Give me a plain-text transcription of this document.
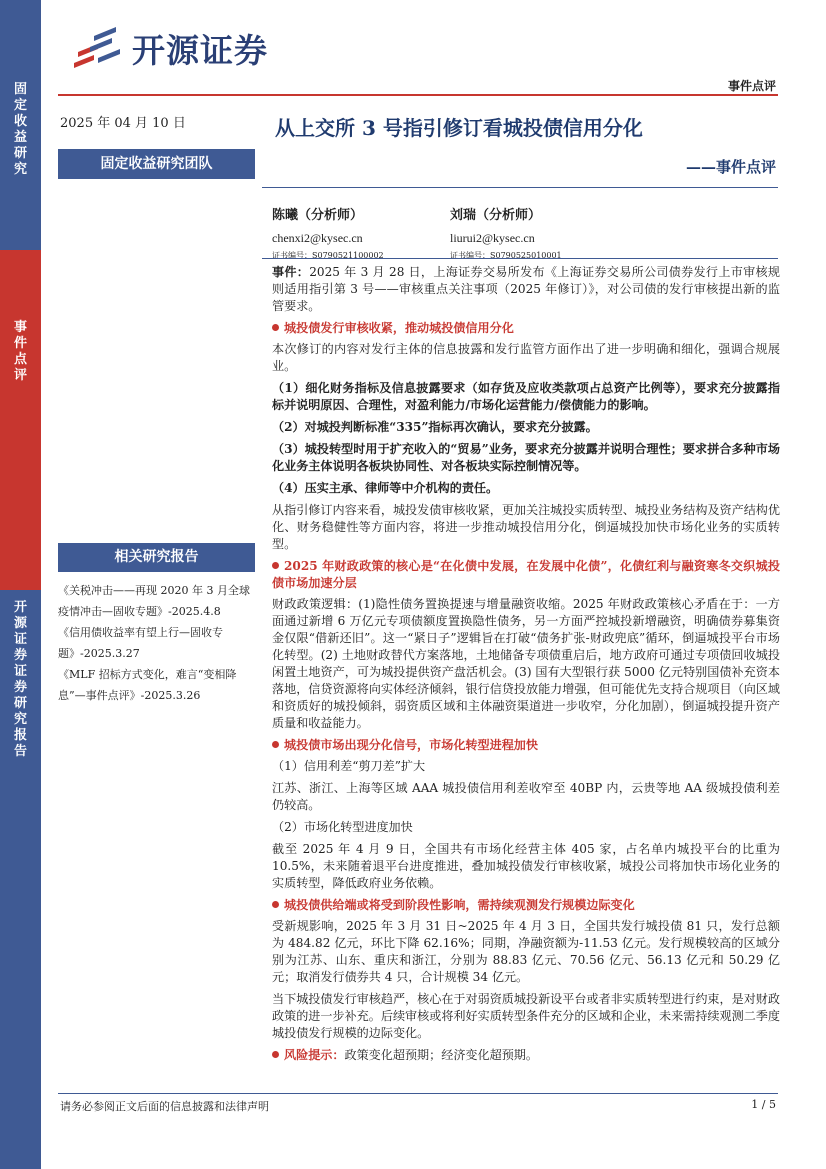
固定收益研究
事件点评
开源证券 证券研究报告
开源证券
事件点评
2025 年 04 月 10 日	从上交所 3 号指引修订看城投债信用分化
——事件点评
固定收益研究团队
陈曦（分析师）
chenxi2@kysec.cn
证书编号：S0790521100002
刘瑞（分析师）
liurui2@kysec.cn
证书编号：S0790525010001
相关研究报告

《关税冲击——再现 2020 年 3 月全球疫情冲击—固收专题》-2025.4.8

《信用债收益率有望上行—固收专题》-2025.3.27

《MLF 招标方式变化，难言“变相降息”—事件点评》-2025.3.26

事件：2025 年 3 月 28 日，上海证券交易所发布《上海证券交易所公司债券发行上市审核规则适用指引第 3 号——审核重点关注事项（2025 年修订）》，对公司债的发行审核提出新的监管要求。

城投债发行审核收紧，推动城投债信用分化

本次修订的内容对发行主体的信息披露和发行监管方面作出了进一步明确和细化，强调合规展业。

（1）细化财务指标及信息披露要求（如存货及应收类款项占总资产比例等），要求充分披露指标并说明原因、合理性，对盈利能力/市场化运营能力/偿债能力的影响。

（2）对城投判断标准“335”指标再次确认，要求充分披露。

（3）城投转型时用于扩充收入的“贸易”业务，要求充分披露并说明合理性；要求拼合多种市场化业务主体说明各板块协同性、对各板块实际控制情况等。

（4）压实主承、律师等中介机构的责任。

从指引修订内容来看，城投发债审核收紧，更加关注城投实质转型、城投业务结构及资产结构优化、财务稳健性等方面内容，将进一步推动城投信用分化，倒逼城投加快市场化业务的实质转型。

2025 年财政政策的核心是“在化债中发展，在发展中化债”，化债红利与融资寒冬交织城投债市场加速分层

财政政策逻辑：(1)隐性债务置换提速与增量融资收缩。2025 年财政政策核心矛盾在于：一方面通过新增 6 万亿元专项债额度置换隐性债务，另一方面严控城投新增融资，明确债券募集资金仅限“借新还旧”。这一“紧日子”逻辑旨在打破“债务扩张-财政兜底”循环，倒逼城投平台市场化转型。(2) 土地财政替代方案落地，土地储备专项债重启后，地方政府可通过专项债回收城投闲置土地资产，可为城投提供资产盘活机会。(3) 国有大型银行获 5000 亿元特别国债补充资本落地，信贷资源将向实体经济倾斜，银行信贷投放能力增强，但可能优先支持合规项目（向区域和资质好的城投倾斜，弱资质区域和主体融资渠道进一步收窄，分化加剧），倒逼城投提升资产质量和收益能力。

城投债市场出现分化信号，市场化转型进程加快

（1）信用利差“剪刀差”扩大

江苏、浙江、上海等区域 AAA 城投债信用利差收窄至 40BP 内，云贵等地 AA 级城投债利差仍较高。

（2）市场化转型进度加快

截至 2025 年 4 月 9 日，全国共有市场化经营主体 405 家，占名单内城投平台的比重为 10.5%，未来随着退平台进度推进，叠加城投债发行审核收紧，城投公司将加快市场化业务的实质转型，降低政府业务依赖。

城投债供给端或将受到阶段性影响，需持续观测发行规模边际变化

受新规影响，2025 年 3 月 31 日~2025 年 4 月 3 日，全国共发行城投债 81 只，发行总额为 484.82 亿元，环比下降 62.16%；同期，净融资额为-11.53 亿元。发行规模较高的区域分别为江苏、山东、重庆和浙江，分别为 88.83 亿元、70.56 亿元、56.13 亿元和 50.29 亿元；取消发行债券共 4 只，合计规模 34 亿元。

当下城投债发行审核趋严，核心在于对弱资质城投新设平台或者非实质转型进行约束，是对财政政策的进一步补充。后续审核或将利好实质转型条件充分的区域和企业，未来需持续观测二季度城投债发行规模的边际变化。

风险提示：政策变化超预期；经济变化超预期。

请务必参阅正文后面的信息披露和法律声明	1 / 5
